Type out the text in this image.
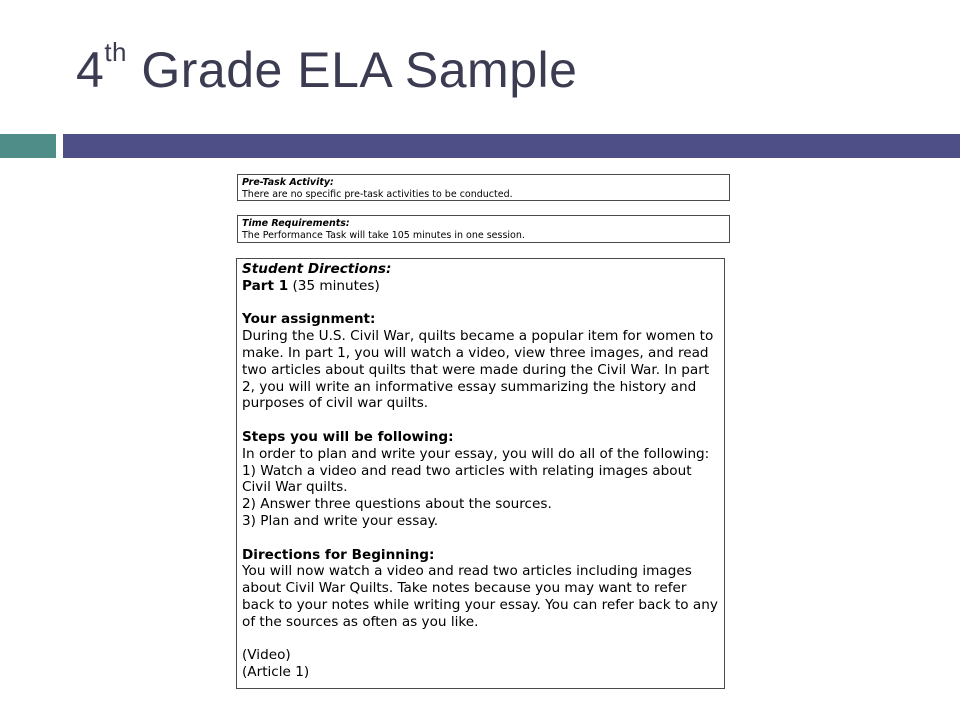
4th Grade ELA Sample
Pre-Task Activity:
There are no specific pre-task activities to be conducted.
Time Requirements:
The Performance Task will take 105 minutes in one session.

Student Directions:

Part 1 (35 minutes)

Your assignment:

During the U.S. Civil War, quilts became a popular item for women to make. In part 1, you will watch a video, view three images, and read two articles about quilts that were made during the Civil War. In part 2, you will write an informative essay summarizing the history and purposes of civil war quilts.

Steps you will be following:

In order to plan and write your essay, you will do all of the following:

1) Watch a video and read two articles with relating images about Civil War quilts.

2) Answer three questions about the sources.

3) Plan and write your essay.

Directions for Beginning:

You will now watch a video and read two articles including images about Civil War Quilts. Take notes because you may want to refer back to your notes while writing your essay. You can refer back to any of the sources as often as you like.

(Video)

(Article 1)
